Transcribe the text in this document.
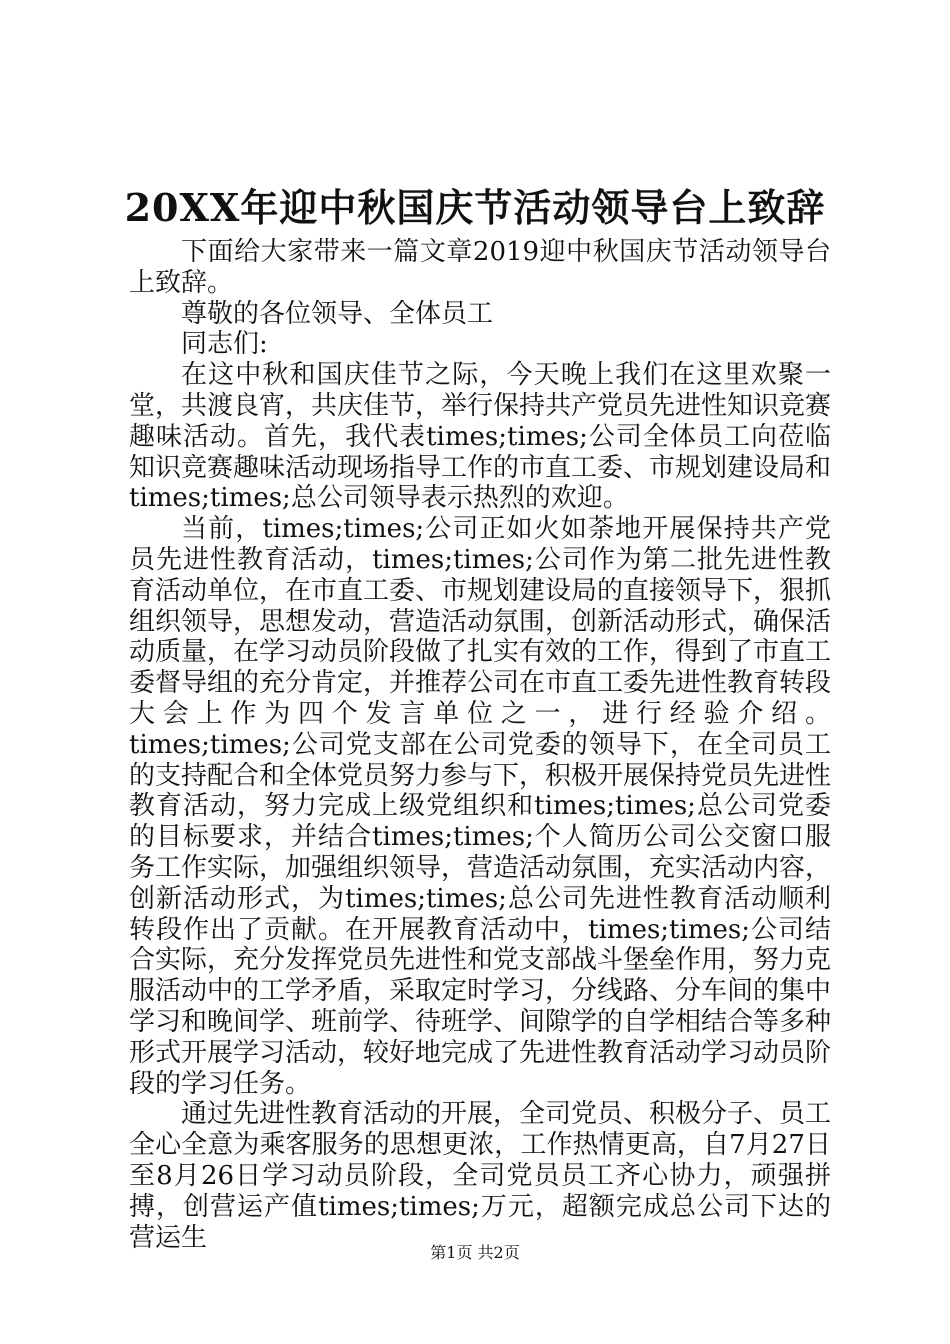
20XX年迎中秋国庆节活动领导台上致辞

下面给大家带来一篇文章2019迎中秋国庆节活动领导台上致辞。

尊敬的各位领导、全体员工

同志们:

在这中秋和国庆佳节之际，今天晚上我们在这里欢聚一堂，共渡良宵，共庆佳节，举行保持共产党员先进性知识竞赛趣味活动。首先，我代表times;times;公司全体员工向莅临知识竞赛趣味活动现场指导工作的市直工委、市规划建设局和times;times;总公司领导表示热烈的欢迎。

当前，times;times;公司正如火如荼地开展保持共产党员先进性教育活动，times;times;公司作为第二批先进性教育活动单位，在市直工委、市规划建设局的直接领导下，狠抓组织领导，思想发动，营造活动氛围，创新活动形式，确保活动质量，在学习动员阶段做了扎实有效的工作，得到了市直工委督导组的充分肯定，并推荐公司在市直工委先进性教育转段大会上作为四个发言单位之一，进行经验介绍。times;times;公司党支部在公司党委的领导下，在全司员工的支持配合和全体党员努力参与下，积极开展保持党员先进性教育活动，努力完成上级党组织和times;times;总公司党委的目标要求，并结合times;times;个人简历公司公交窗口服务工作实际，加强组织领导，营造活动氛围，充实活动内容，创新活动形式，为times;times;总公司先进性教育活动顺利转段作出了贡献。在开展教育活动中，times;times;公司结合实际，充分发挥党员先进性和党支部战斗堡垒作用，努力克服活动中的工学矛盾，采取定时学习，分线路、分车间的集中学习和晚间学、班前学、待班学、间隙学的自学相结合等多种形式开展学习活动，较好地完成了先进性教育活动学习动员阶段的学习任务。

通过先进性教育活动的开展，全司党员、积极分子、员工全心全意为乘客服务的思想更浓，工作热情更高，自7月27日至8月26日学习动员阶段，全司党员员工齐心协力，顽强拼搏，创营运产值times;times;万元，超额完成总公司下达的营运生	第1页 共2页
